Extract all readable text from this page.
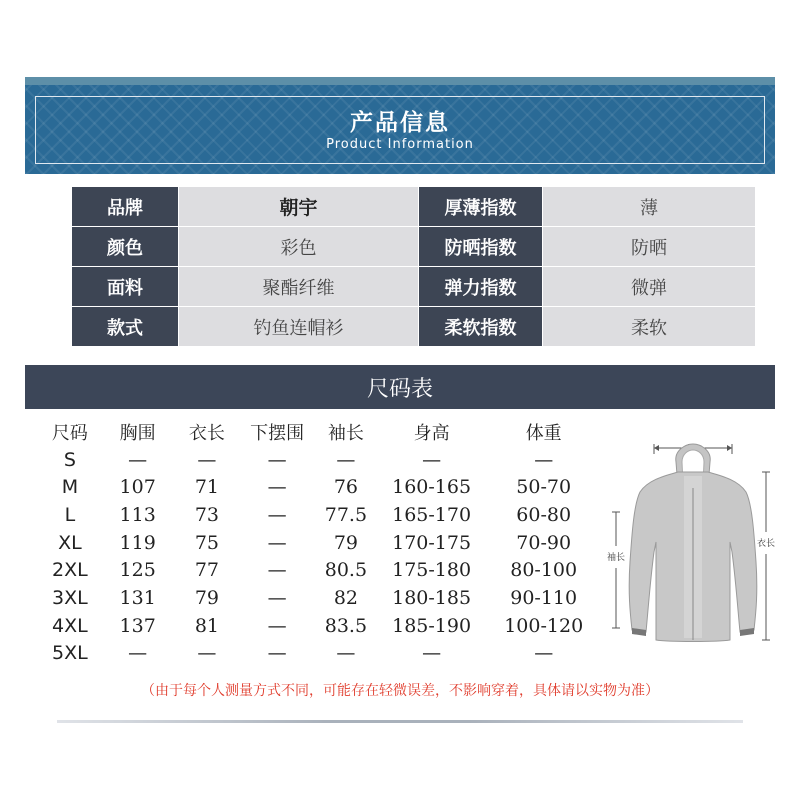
产品信息
Product Information
品牌	朝宇	厚薄指数	薄
颜色	彩色	防晒指数	防晒
面料	聚酯纤维	弹力指数	微弹
款式	钓鱼连帽衫	柔软指数	柔软
尺码表
尺码	胸围	衣长	下摆围	袖长	身高	体重
S	—	—	—	—	—	—
M	107	71	—	76	160-165	50-70
L	113	73	—	77.5	165-170	60-80
XL	119	75	—	79	170-175	70-90
2XL	125	77	—	80.5	175-180	80-100
3XL	131	79	—	82	180-185	90-110
4XL	137	81	—	83.5	185-190	100-120
5XL	—	—	—	—	—	—
袖长
衣长
（由于每个人测量方式不同，可能存在轻微误差，不影响穿着，具体请以实物为准）
